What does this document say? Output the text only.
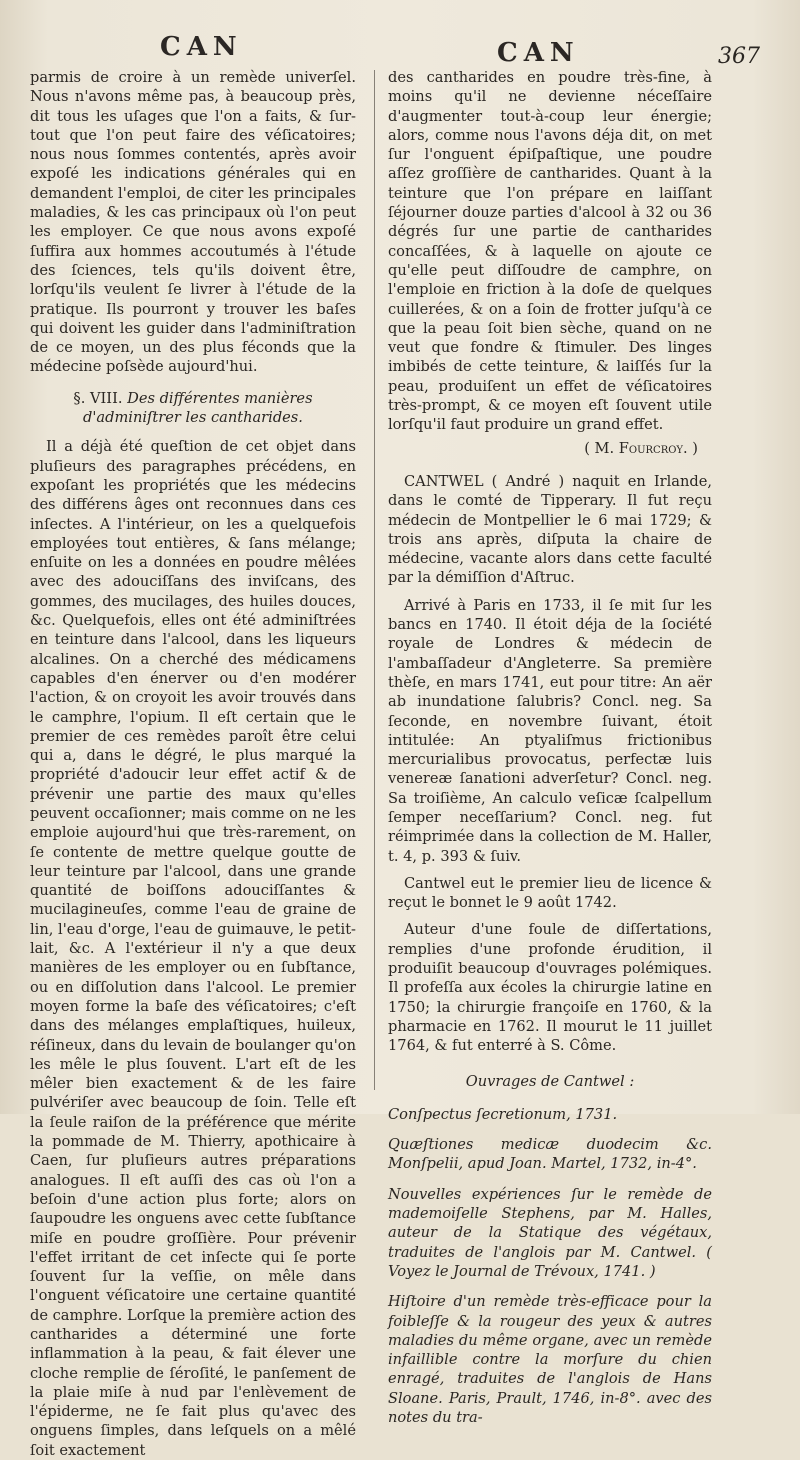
CAN	CAN	367

parmis de croire à un remède univerſel. Nous n'avons même pas, à beaucoup près, dit tous les uſages que l'on a faits, & ſur-tout que l'on peut faire des véſicatoires; nous nous ſommes contentés, après avoir expoſé les indications générales qui en demandent l'emploi, de citer les principales maladies, & les cas principaux où l'on peut les employer. Ce que nous avons expoſé ſuffira aux hommes accoutumés à l'étude des ſciences, tels qu'ils doivent être, lorſqu'ils veulent ſe livrer à l'étude de la pratique. Ils pourront y trouver les baſes qui doivent les guider dans l'adminiſtration de ce moyen, un des plus féconds que la médecine poſsède aujourd'hui.

§. VIII. Des différentes manières d'adminiſtrer les cantharides.

Il a déjà été queſtion de cet objet dans pluſieurs des paragraphes précédens, en expoſant les propriétés que les médecins des différens âges ont reconnues dans ces inſectes. A l'intérieur, on les a quelquefois employées tout entières, & ſans mélange; enſuite on les a données en poudre mêlées avec des adouciſſans des inviſcans, des gommes, des mucilages, des huiles douces, &c. Quelquefois, elles ont été adminiſtrées en teinture dans l'alcool, dans les liqueurs alcalines. On a cherché des médicamens capables d'en énerver ou d'en modérer l'action, & on croyoit les avoir trouvés dans le camphre, l'opium. Il eſt certain que le premier de ces remèdes paroît être celui qui a, dans le dégré, le plus marqué la propriété d'adoucir leur effet actif & de prévenir une partie des maux qu'elles peuvent occaſionner; mais comme on ne les emploie aujourd'hui que très-rarement, on ſe contente de mettre quelque goutte de leur teinture par l'alcool, dans une grande quantité de boiſſons adouciſſantes & mucilagineuſes, comme l'eau de graine de lin, l'eau d'orge, l'eau de guimauve, le petit-lait, &c. A l'extérieur il n'y a que deux manières de les employer ou en ſubſtance, ou en diſſolution dans l'alcool. Le premier moyen forme la baſe des véſicatoires; c'eſt dans des mélanges emplaſtiques, huileux, réſineux, dans du levain de boulanger qu'on les mêle le plus ſouvent. L'art eſt de les mêler bien exactement & de les faire pulvériſer avec beaucoup de ſoin. Telle eſt la ſeule raiſon de la préférence que mérite la pommade de M. Thierry, apothicaire à Caen, ſur pluſieurs autres préparations analogues. Il eſt auſſi des cas où l'on a beſoin d'une action plus forte; alors on ſaupoudre les onguens avec cette ſubſtance miſe en poudre groſſière. Pour prévenir l'effet irritant de cet inſecte qui ſe porte ſouvent ſur la veſſie, on mêle dans l'onguent véſicatoire une certaine quantité de camphre. Lorſque la première action des cantharides a déterminé une forte inflammation à la peau, & fait élever une cloche remplie de ſéroſité, le panſement de la plaie miſe à nud par l'enlèvement de l'épiderme, ne ſe fait plus qu'avec des onguens ſimples, dans leſquels on a mêlé ſoit exactement

des cantharides en poudre très-fine, à moins qu'il ne devienne néceſſaire d'augmenter tout-à-coup leur énergie; alors, comme nous l'avons déja dit, on met ſur l'onguent épiſpaſtique, une poudre aſſez groſſière de cantharides. Quant à la teinture que l'on prépare en laiſſant ſéjourner douze parties d'alcool à 32 ou 36 dégrés ſur une partie de cantharides concaſſées, & à laquelle on ajoute ce qu'elle peut diſſoudre de camphre, on l'emploie en friction à la doſe de quelques cuillerées, & on a ſoin de frotter juſqu'à ce que la peau ſoit bien sèche, quand on ne veut que fondre & ſtimuler. Des linges imbibés de cette teinture, & laiſſés ſur la peau, produiſent un effet de véſicatoires très-prompt, & ce moyen eſt ſouvent utile lorſqu'il faut produire un grand effet.

( M. Fourcroy. )

CANTWEL ( André ) naquit en Irlande, dans le comté de Tipperary. Il fut reçu médecin de Montpellier le 6 mai 1729; & trois ans après, diſputa la chaire de médecine, vacante alors dans cette faculté par la démiſſion d'Aſtruc.

Arrivé à Paris en 1733, il ſe mit ſur les bancs en 1740. Il étoit déja de la ſociété royale de Londres & médecin de l'ambaſſadeur d'Angleterre. Sa première thèſe, en mars 1741, eut pour titre: An aër ab inundatione ſalubris? Concl. neg. Sa ſeconde, en novembre ſuivant, étoit intitulée: An ptyaliſmus frictionibus mercurialibus provocatus, perfectæ luis venereæ ſanationi adverſetur? Concl. neg. Sa troiſième, An calculo veſicæ ſcalpellum ſemper neceſſarium? Concl. neg. fut réimprimée dans la collection de M. Haller, t. 4, p. 393 & ſuiv.

Cantwel eut le premier lieu de licence & reçut le bonnet le 9 août 1742.

Auteur d'une foule de diſſertations, remplies d'une profonde érudition, il produiſit beaucoup d'ouvrages polémiques. Il profeſſa aux écoles la chirurgie latine en 1750; la chirurgie françoiſe en 1760, & la pharmacie en 1762. Il mourut le 11 juillet 1764, & fut enterré à S. Côme.

Ouvrages de Cantwel :

Conſpectus ſecretionum, 1731.

Quæſtiones medicæ duodecim &c. Monſpelii, apud Joan. Martel, 1732, in-4°.

Nouvelles expériences ſur le remède de mademoiſelle Stephens, par M. Halles, auteur de la Statique des végétaux, traduites de l'anglois par M. Cantwel. ( Voyez le Journal de Trévoux, 1741. )

Hiſtoire d'un remède très-efficace pour la foibleſſe & la rougeur des yeux & autres maladies du même organe, avec un remède infaillible contre la morſure du chien enragé, traduites de l'anglois de Hans Sloane. Paris, Prault, 1746, in-8°. avec des notes du tra-
